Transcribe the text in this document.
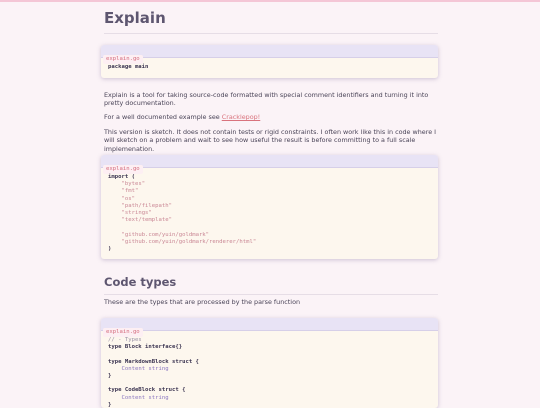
Explain
explain.go
package main

Explain is a tool for taking source-code formatted with special comment identifiers and turning it into pretty documentation.

For a well documented example see Cracklepop!

This version is sketch. It does not contain tests or rigid constraints. I often work like this in code where I will sketch on a problem and wait to see how useful the result is before committing to a full scale implemenation.

explain.go
import (
	"bytes"
	"fmt"
	"os"
	"path/filepath"
	"strings"
	"text/template"

	"github.com/yuin/goldmark"
	"github.com/yuin/goldmark/renderer/html"
)
Code types

These are the types that are processed by the parse function

explain.go
// - Types
type Block interface{}

type MarkdownBlock struct {
	Content string
}

type CodeBlock struct {
	Content string
}
